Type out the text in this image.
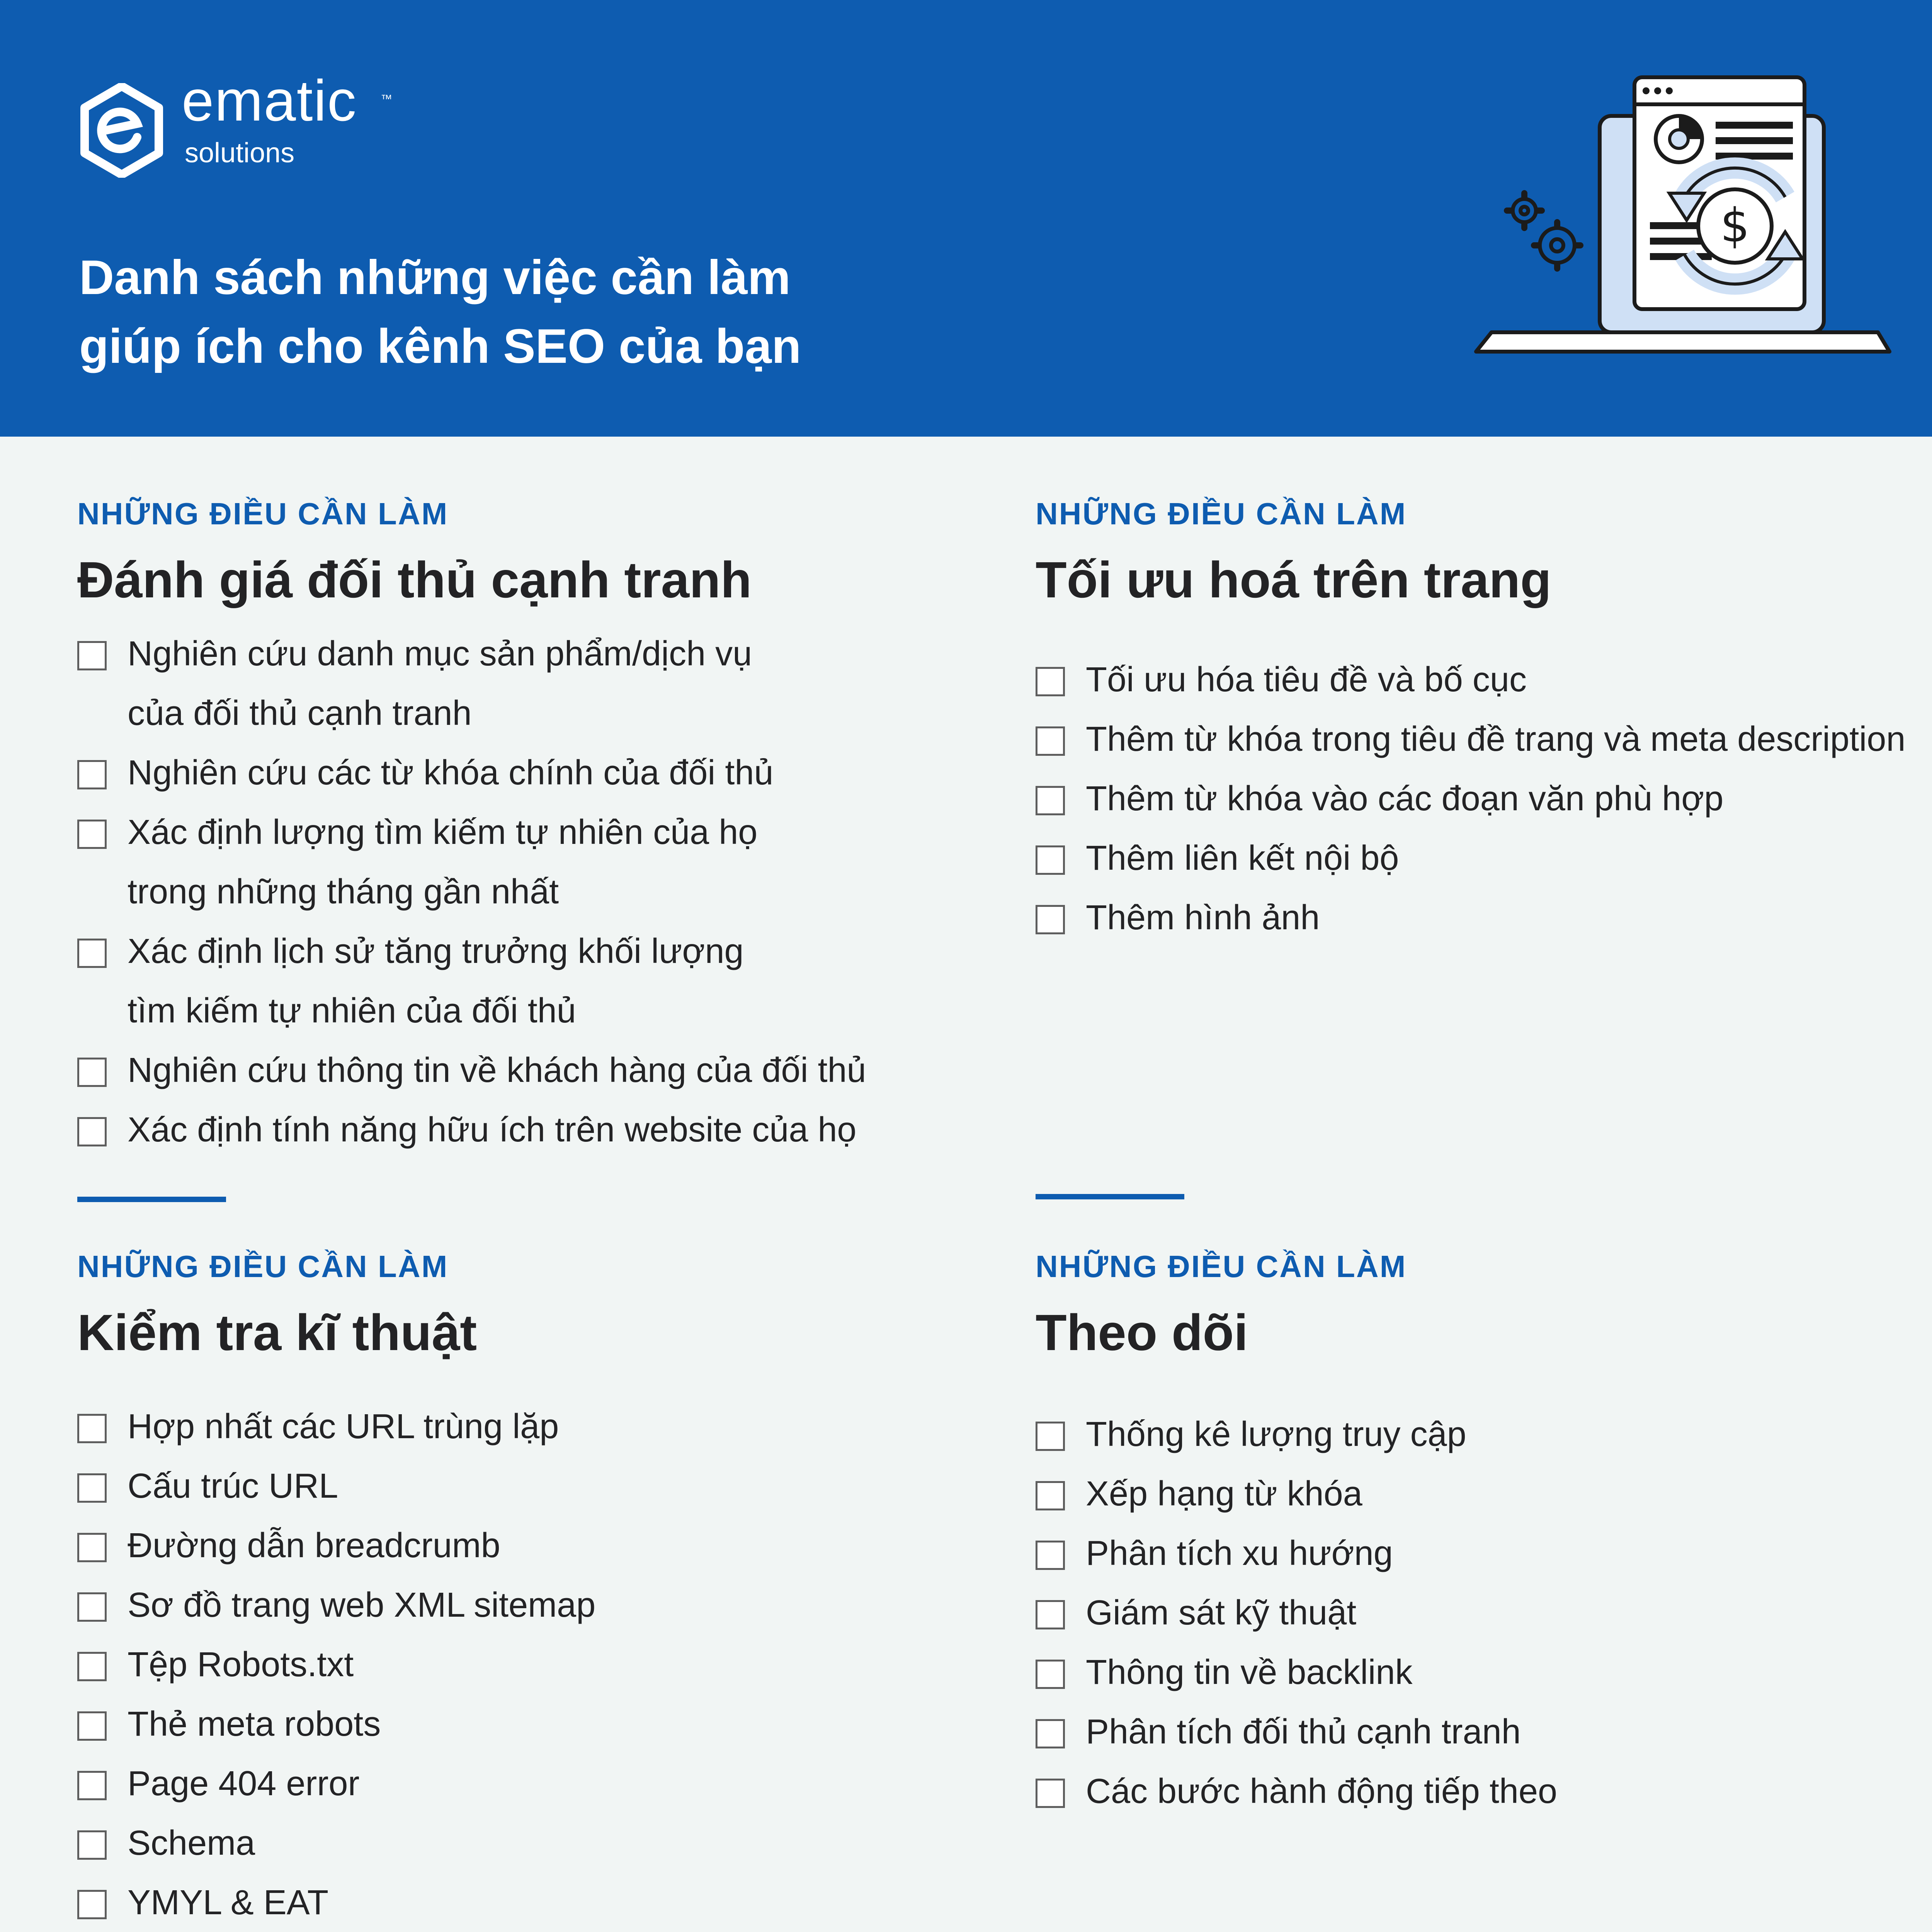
ematic ™
solutions
Danh sách những việc cần làm
giúp ích cho kênh SEO của bạn
$
NHỮNG ĐIỀU CẦN LÀM
Đánh giá đối thủ cạnh tranh
Nghiên cứu danh mục sản phẩm/dịch vụ
của đối thủ cạnh tranh
Nghiên cứu các từ khóa chính của đối thủ
Xác định lượng tìm kiếm tự nhiên của họ
trong những tháng gần nhất
Xác định lịch sử tăng trưởng khối lượng
tìm kiếm tự nhiên của đối thủ
Nghiên cứu thông tin về khách hàng của đối thủ
Xác định tính năng hữu ích trên website của họ
NHỮNG ĐIỀU CẦN LÀM
Tối ưu hoá trên trang
Tối ưu hóa tiêu đề và bố cục
Thêm từ khóa trong tiêu đề trang và meta description
Thêm từ khóa vào các đoạn văn phù hợp
Thêm liên kết nội bộ
Thêm hình ảnh
NHỮNG ĐIỀU CẦN LÀM
Kiểm tra kĩ thuật
Hợp nhất các URL trùng lặp
Cấu trúc URL
Đường dẫn breadcrumb
Sơ đồ trang web XML sitemap
Tệp Robots.txt
Thẻ meta robots
Page 404 error
Schema
YMYL & EAT
NHỮNG ĐIỀU CẦN LÀM
Theo dõi
Thống kê lượng truy cập
Xếp hạng từ khóa
Phân tích xu hướng
Giám sát kỹ thuật
Thông tin về backlink
Phân tích đối thủ cạnh tranh
Các bước hành động tiếp theo
